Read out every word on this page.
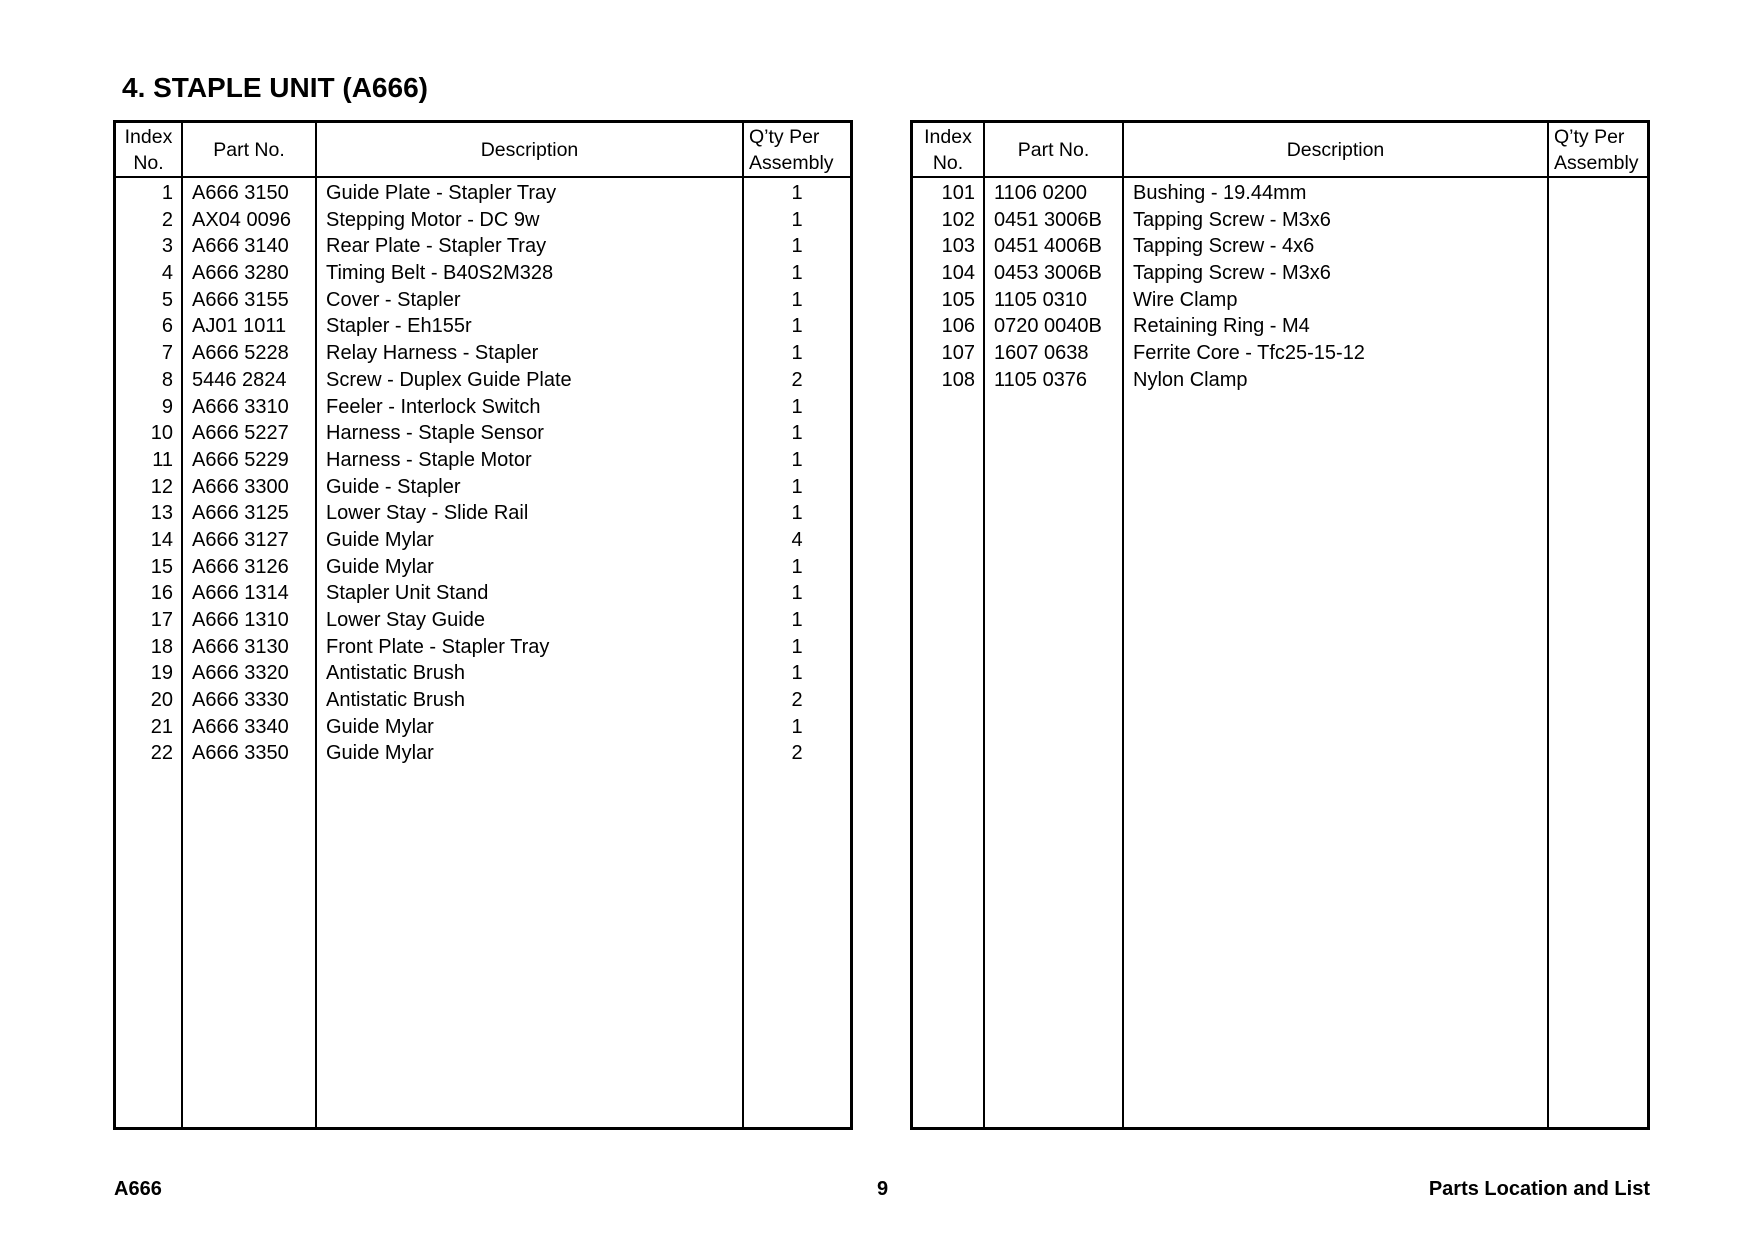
4. STAPLE UNIT (A666)
Index
No.
1
2
3
4
5
6
7
8
9
10
11
12
13
14
15
16
17
18
19
20
21
22
Part No.
A666 3150
AX04 0096
A666 3140
A666 3280
A666 3155
AJ01 1011
A666 5228
5446 2824
A666 3310
A666 5227
A666 5229
A666 3300
A666 3125
A666 3127
A666 3126
A666 1314
A666 1310
A666 3130
A666 3320
A666 3330
A666 3340
A666 3350
Description
Guide Plate - Stapler Tray
Stepping Motor - DC 9w
Rear Plate - Stapler Tray
Timing Belt - B40S2M328
Cover - Stapler
Stapler - Eh155r
Relay Harness - Stapler
Screw - Duplex Guide Plate
Feeler - Interlock Switch
Harness - Staple Sensor
Harness - Staple Motor
Guide - Stapler
Lower Stay - Slide Rail
Guide Mylar
Guide Mylar
Stapler Unit Stand
Lower Stay Guide
Front Plate - Stapler Tray
Antistatic Brush
Antistatic Brush
Guide Mylar
Guide Mylar
Q’ty Per
Assembly
1
1
1
1
1
1
1
2
1
1
1
1
1
4
1
1
1
1
1
2
1
2
Index
No.
101
102
103
104
105
106
107
108
Part No.
1106 0200
0451 3006B
0451 4006B
0453 3006B
1105 0310
0720 0040B
1607 0638
1105 0376
Description
Bushing - 19.44mm
Tapping Screw - M3x6
Tapping Screw - 4x6
Tapping Screw - M3x6
Wire Clamp
Retaining Ring - M4
Ferrite Core - Tfc25-15-12
Nylon Clamp
Q’ty Per
Assembly
A666	9	Parts Location and List
